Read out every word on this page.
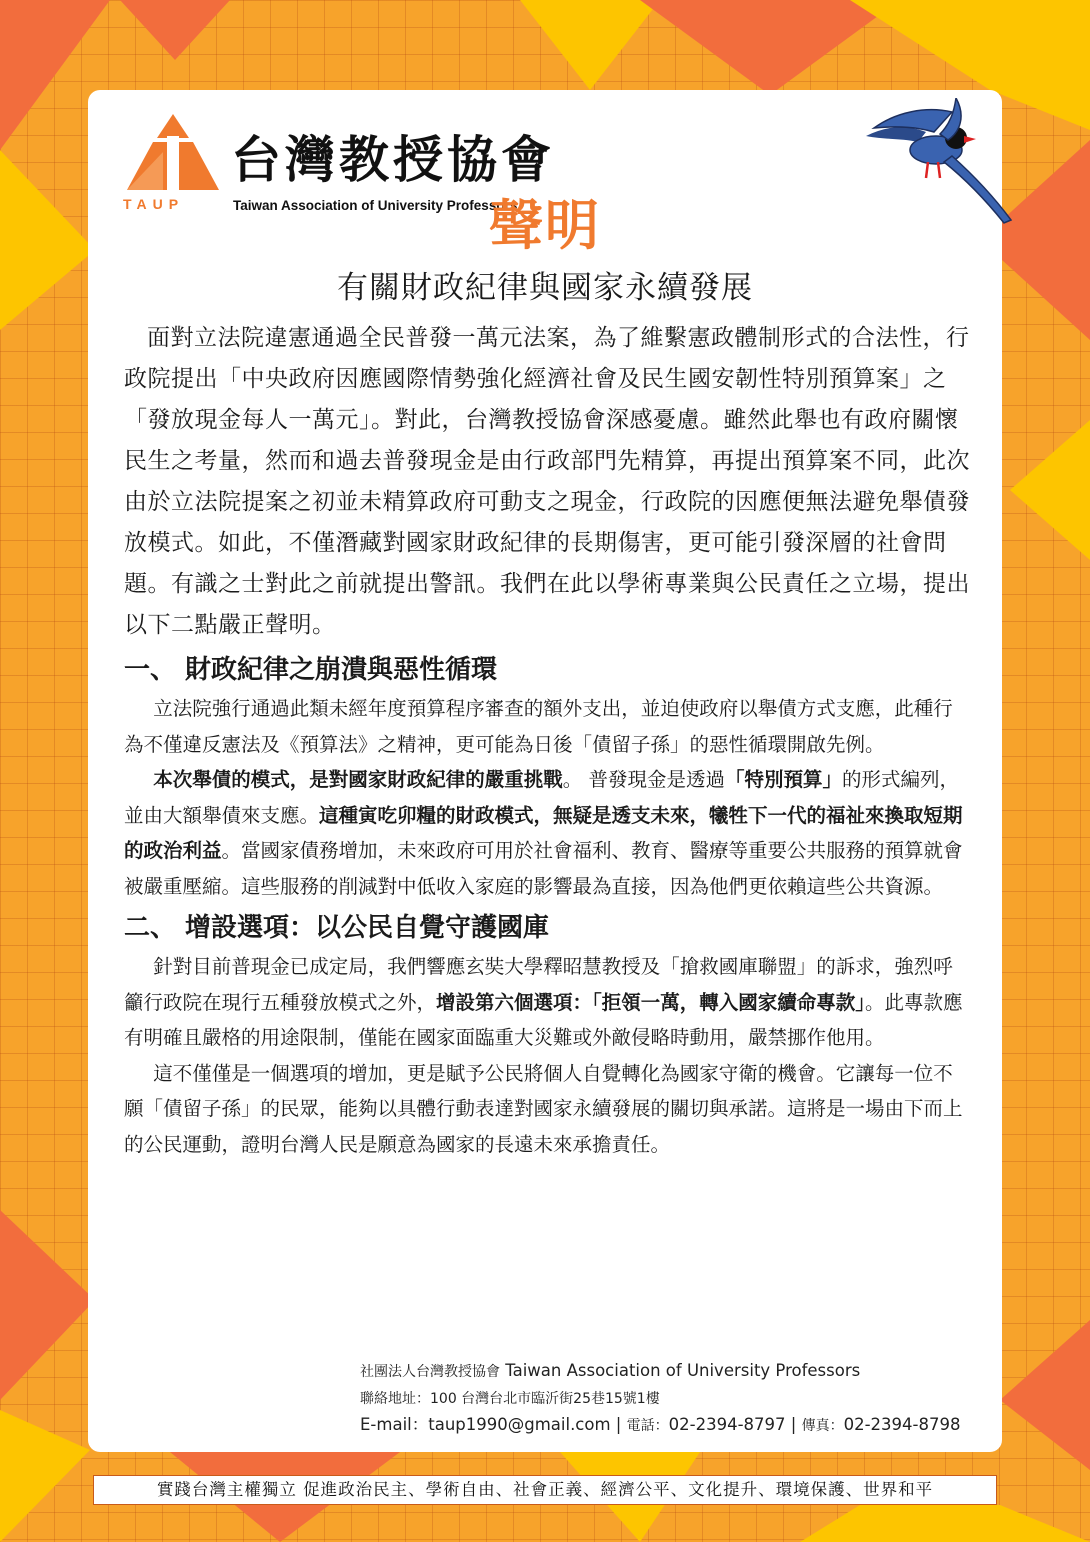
台灣教授協會
TAUP	Taiwan Association of University Professors
聲明
有關財政紀律與國家永續發展

面對立法院違憲通過全民普發一萬元法案，為了維繫憲政體制形式的合法性，行政院提出「中央政府因應國際情勢強化經濟社會及民生國安韌性特別預算案」之「發放現金每人一萬元」。對此，台灣教授協會深感憂慮。雖然此舉也有政府關懷民生之考量，然而和過去普發現金是由行政部門先精算，再提出預算案不同，此次由於立法院提案之初並未精算政府可動支之現金，行政院的因應便無法避免舉債發放模式。如此，不僅潛藏對國家財政紀律的長期傷害，更可能引發深層的社會問題。有識之士對此之前就提出警訊。我們在此以學術專業與公民責任之立場，提出以下二點嚴正聲明。

一、 財政紀律之崩潰與惡性循環

立法院強行通過此類未經年度預算程序審查的額外支出，並迫使政府以舉債方式支應，此種行為不僅違反憲法及《預算法》之精神，更可能為日後「債留子孫」的惡性循環開啟先例。

本次舉債的模式，是對國家財政紀律的嚴重挑戰。 普發現金是透過「特別預算」的形式編列，並由大額舉債來支應。這種寅吃卯糧的財政模式，無疑是透支未來，犧牲下一代的福祉來換取短期的政治利益。當國家債務增加，未來政府可用於社會福利、教育、醫療等重要公共服務的預算就會被嚴重壓縮。這些服務的削減對中低收入家庭的影響最為直接，因為他們更依賴這些公共資源。

二、 增設選項：以公民自覺守護國庫

針對目前普現金已成定局，我們響應玄奘大學釋昭慧教授及「搶救國庫聯盟」的訴求，強烈呼籲行政院在現行五種發放模式之外，增設第六個選項：「拒領一萬，轉入國家續命專款」。此專款應有明確且嚴格的用途限制，僅能在國家面臨重大災難或外敵侵略時動用，嚴禁挪作他用。

這不僅僅是一個選項的增加，更是賦予公民將個人自覺轉化為國家守衛的機會。它讓每一位不願「債留子孫」的民眾，能夠以具體行動表達對國家永續發展的關切與承諾。這將是一場由下而上的公民運動，證明台灣人民是願意為國家的長遠未來承擔責任。

社團法人台灣教授協會 Taiwan Association of University Professors
聯絡地址：100 台灣台北市臨沂街25巷15號1樓
E-mail：taup1990@gmail.com | 電話：02-2394-8797 | 傳真：02-2394-8798
實踐台灣主權獨立 促進政治民主、學術自由、社會正義、經濟公平、文化提升、環境保護、世界和平
